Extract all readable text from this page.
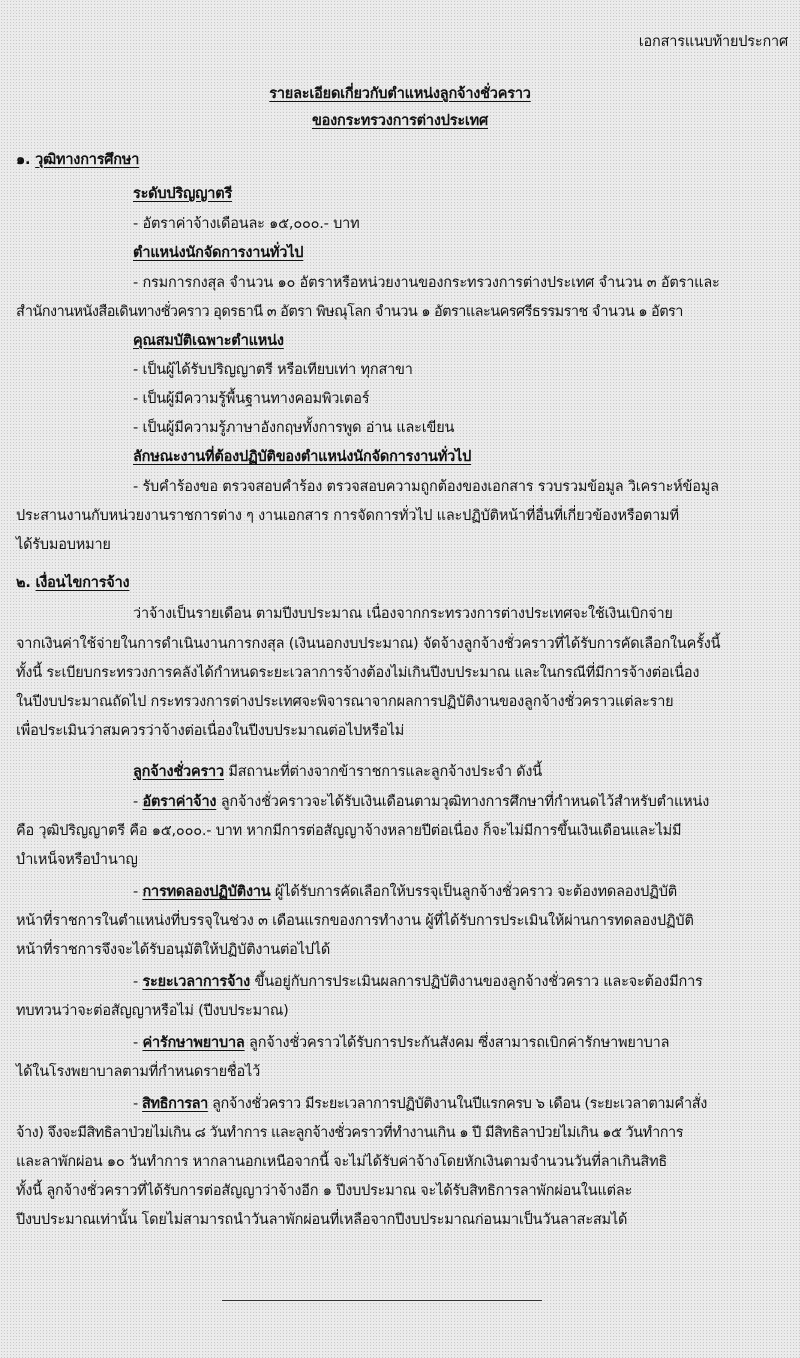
เอกสารแนบท้ายประกาศ
รายละเอียดเกี่ยวกับตำแหน่งลูกจ้างชั่วคราว
ของกระทรวงการต่างประเทศ
๑. วุฒิทางการศึกษา
ระดับปริญญาตรี
- อัตราค่าจ้างเดือนละ ๑๕,๐๐๐.- บาท
ตำแหน่งนักจัดการงานทั่วไป
- กรมการกงสุล จำนวน ๑๐ อัตราหรือหน่วยงานของกระทรวงการต่างประเทศ จำนวน ๓ อัตราและ
สำนักงานหนังสือเดินทางชั่วคราว อุดรธานี ๓ อัตรา พิษณุโลก จำนวน ๑ อัตราและนครศรีธรรมราช จำนวน ๑ อัตรา
คุณสมบัติเฉพาะตำแหน่ง
- เป็นผู้ได้รับปริญญาตรี หรือเทียบเท่า ทุกสาขา
- เป็นผู้มีความรู้พื้นฐานทางคอมพิวเตอร์
- เป็นผู้มีความรู้ภาษาอังกฤษทั้งการพูด อ่าน และเขียน
ลักษณะงานที่ต้องปฏิบัติของตำแหน่งนักจัดการงานทั่วไป
- รับคำร้องขอ ตรวจสอบคำร้อง ตรวจสอบความถูกต้องของเอกสาร รวบรวมข้อมูล วิเคราะห์ข้อมูล
ประสานงานกับหน่วยงานราชการต่าง ๆ งานเอกสาร การจัดการทั่วไป และปฏิบัติหน้าที่อื่นที่เกี่ยวข้องหรือตามที่
ได้รับมอบหมาย
๒. เงื่อนไขการจ้าง
ว่าจ้างเป็นรายเดือน ตามปีงบประมาณ เนื่องจากกระทรวงการต่างประเทศจะใช้เงินเบิกจ่าย
จากเงินค่าใช้จ่ายในการดำเนินงานการกงสุล (เงินนอกงบประมาณ) จัดจ้างลูกจ้างชั่วคราวที่ได้รับการคัดเลือกในครั้งนี้
ทั้งนี้ ระเบียบกระทรวงการคลังได้กำหนดระยะเวลาการจ้างต้องไม่เกินปีงบประมาณ และในกรณีที่มีการจ้างต่อเนื่อง
ในปีงบประมาณถัดไป กระทรวงการต่างประเทศจะพิจารณาจากผลการปฏิบัติงานของลูกจ้างชั่วคราวแต่ละราย
เพื่อประเมินว่าสมควรว่าจ้างต่อเนื่องในปีงบประมาณต่อไปหรือไม่
ลูกจ้างชั่วคราว มีสถานะที่ต่างจากข้าราชการและลูกจ้างประจำ ดังนี้
- อัตราค่าจ้าง ลูกจ้างชั่วคราวจะได้รับเงินเดือนตามวุฒิทางการศึกษาที่กำหนดไว้สำหรับตำแหน่ง
คือ วุฒิปริญญาตรี คือ ๑๕,๐๐๐.- บาท หากมีการต่อสัญญาจ้างหลายปีต่อเนื่อง ก็จะไม่มีการขึ้นเงินเดือนและไม่มี
บำเหน็จหรือบำนาญ
- การทดลองปฏิบัติงาน ผู้ได้รับการคัดเลือกให้บรรจุเป็นลูกจ้างชั่วคราว จะต้องทดลองปฏิบัติ
หน้าที่ราชการในตำแหน่งที่บรรจุในช่วง ๓ เดือนแรกของการทำงาน ผู้ที่ได้รับการประเมินให้ผ่านการทดลองปฏิบัติ
หน้าที่ราชการจึงจะได้รับอนุมัติให้ปฏิบัติงานต่อไปได้
- ระยะเวลาการจ้าง ขึ้นอยู่กับการประเมินผลการปฏิบัติงานของลูกจ้างชั่วคราว และจะต้องมีการ
ทบทวนว่าจะต่อสัญญาหรือไม่ (ปีงบประมาณ)
- ค่ารักษาพยาบาล ลูกจ้างชั่วคราวได้รับการประกันสังคม ซึ่งสามารถเบิกค่ารักษาพยาบาล
ได้ในโรงพยาบาลตามที่กำหนดรายชื่อไว้
- สิทธิการลา ลูกจ้างชั่วคราว มีระยะเวลาการปฏิบัติงานในปีแรกครบ ๖ เดือน (ระยะเวลาตามคำสั่ง
จ้าง) จึงจะมีสิทธิลาป่วยไม่เกิน ๘ วันทำการ และลูกจ้างชั่วคราวที่ทำงานเกิน ๑ ปี มีสิทธิลาป่วยไม่เกิน ๑๕ วันทำการ
และลาพักผ่อน ๑๐ วันทำการ หากลานอกเหนือจากนี้ จะไม่ได้รับค่าจ้างโดยหักเงินตามจำนวนวันที่ลาเกินสิทธิ
ทั้งนี้ ลูกจ้างชั่วคราวที่ได้รับการต่อสัญญาว่าจ้างอีก ๑ ปีงบประมาณ จะได้รับสิทธิการลาพักผ่อนในแต่ละ
ปีงบประมาณเท่านั้น โดยไม่สามารถนำวันลาพักผ่อนที่เหลือจากปีงบประมาณก่อนมาเป็นวันลาสะสมได้
